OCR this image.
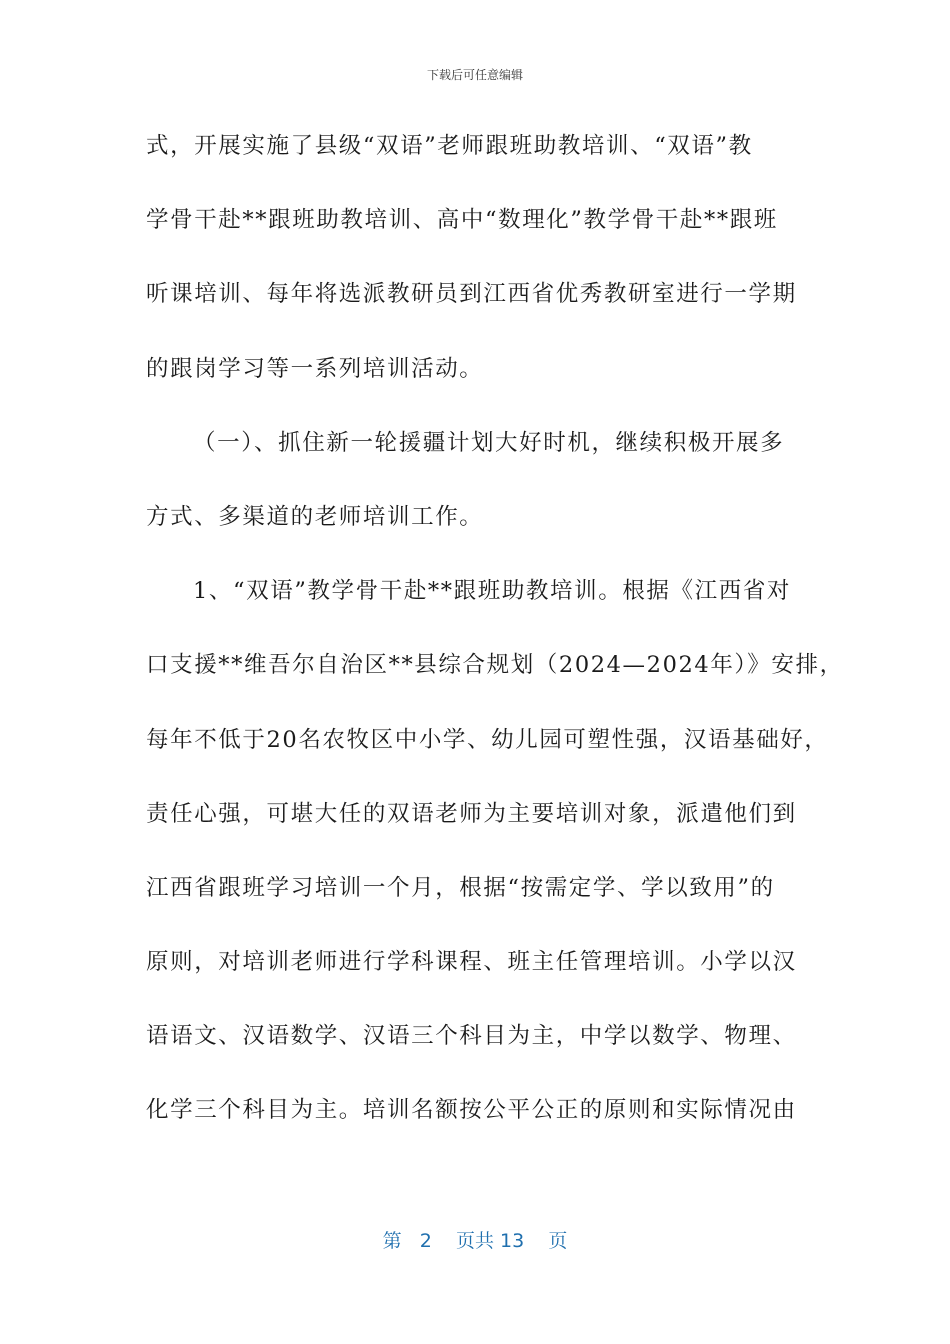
下载后可任意编辑
式，开展实施了县级“双语”老师跟班助教培训、“双语”教
学骨干赴**跟班助教培训、高中“数理化”教学骨干赴**跟班
听课培训、每年将选派教研员到江西省优秀教研室进行一学期
的跟岗学习等一系列培训活动。
（一）、抓住新一轮援疆计划大好时机，继续积极开展多
方式、多渠道的老师培训工作。
1、“双语”教学骨干赴**跟班助教培训。根据《江西省对
口支援**维吾尔自治区**县综合规划（2024—2024年）》安排，
每年不低于20名农牧区中小学、幼儿园可塑性强，汉语基础好，
责任心强，可堪大任的双语老师为主要培训对象，派遣他们到
江西省跟班学习培训一个月，根据“按需定学、学以致用”的
原则，对培训老师进行学科课程、班主任管理培训。小学以汉
语语文、汉语数学、汉语三个科目为主，中学以数学、物理、
化学三个科目为主。培训名额按公平公正的原则和实际情况由
第 2 页共 13 页
